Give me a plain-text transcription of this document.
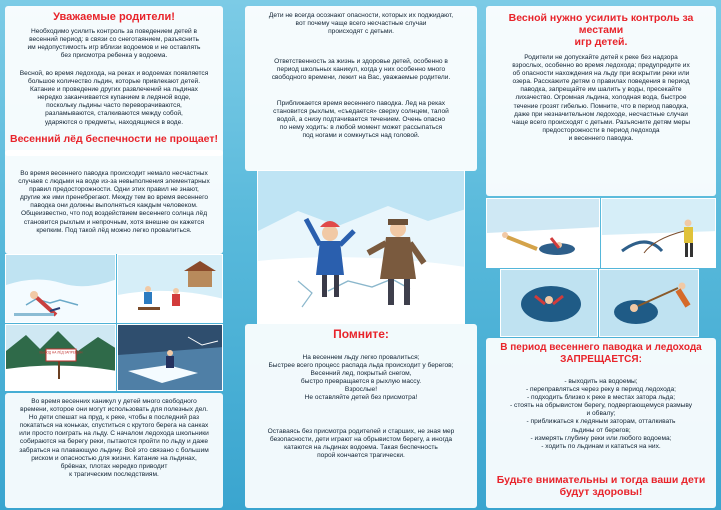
Уважаемые родители!

Необходимо усилить контроль за поведением детей в
весенний период: в связи со снеготаянием, разъяснить
им недопустимость игр вблизи водоемов и не оставлять
без присмотра ребенка у водоема.

Весной, во время ледохода, на реках и водоемах появляется
большое количество льдин, которые привлекают детей.
Катание и проведение других развлечений на льдинах
нередко заканчивается купанием в ледяной воде,
поскольку льдины часто переворачиваются,
разламываются, сталкиваются между собой,
ударяются о предметы, находящиеся в воде.

Весенний лёд беспечности не прощает!

Во время весеннего паводка происходит немало несчастных
случаев с людьми на воде из-за невыполнения элементарных
правил предосторожности. Одни этих правил не знают,
другие же ими пренебрегают. Между тем во время весеннего
паводка они должны выполняться каждым человеком.
Общеизвестно, что под воздействием весеннего солнца лёд
становится рыхлым и непрочным, хотя внешне он кажется
крепким. Под такой лёд можно легко провалиться.

ВЫХОД НА ЛЁД ЗАПРЕЩЁН

Во время весенних каникул у детей много свободного
времени, которое они могут использовать для полезных дел.
Но дети спешат на пруд, к реке, чтобы в последний раз
покататься на коньках, спуститься с крутого берега на санках
или просто поиграть на льду. С началом ледохода школьники
собираются на берегу реки, пытаются пройти по льду и даже
забраться на плавающую льдину. Всё это связано с большим
риском и опасностью для жизни. Катание на льдинах,
брёвнах, плотах нередко приводит
к трагическим последствиям.

Дети не всегда осознают опасности, которых их поджидают,
вот почему чаще всего несчастные случаи
происходят с детьми.

Ответственность за жизнь и здоровье детей, особенно в
период школьных каникул, когда у них особенно много
свободного времени, лежит на Вас, уважаемые родители.

Приближается время весеннего паводка. Лед на реках
становится рыхлым, «съедается» сверху солнцем, талой
водой, а снизу подтачивается течением. Очень опасно
по нему ходить: в любой момент может рассыпаться
под ногами и сомкнуться над головой.

Помните:

На весеннем льду легко провалиться;
Быстрее всего процесс распада льда происходит у берегов;
Весенний лед, покрытый снегом,
быстро превращается в рыхлую массу.
Взрослые!
Не оставляйте детей без присмотра!

Оставаясь без присмотра родителей и старших, не зная мер
безопасности, дети играют на обрывистом берегу, а иногда
катаются на льдинах водоема. Такая беспечность
порой кончается трагически.

Весной нужно усилить контроль за местами
игр детей.

Родители не допускайте детей к реке без надзора
взрослых, особенно во время ледохода; предупредите их
об опасности нахождения на льду при вскрытии реки или
озера. Расскажите детям о правилах поведения в период
паводка, запрещайте им шалить у воды, пресекайте
лихачество. Огромная льдина, холодная вода, быстрое
течение грозят гибелью. Помните, что в период паводка,
даже при незначительном ледоходе, несчастные случаи
чаще всего происходят с детьми. Разъясните детям меры
предосторожности в период ледохода
и весеннего паводка.

В период весеннего паводка и ледохода

ЗАПРЕЩАЕТСЯ:

- выходить на водоемы;
- переправляться через реку в период ледохода;
- подходить близко к реке в местах затора льда;
- стоять на обрывистом берегу, подвергающемуся размыву
и обвалу;
- приближаться к ледяным заторам, отталкивать
льдины от берегов;
- измерять глубину реки или любого водоема;
- ходить по льдинам и кататься на них.

Будьте внимательны и тогда ваши дети
будут здоровы!
